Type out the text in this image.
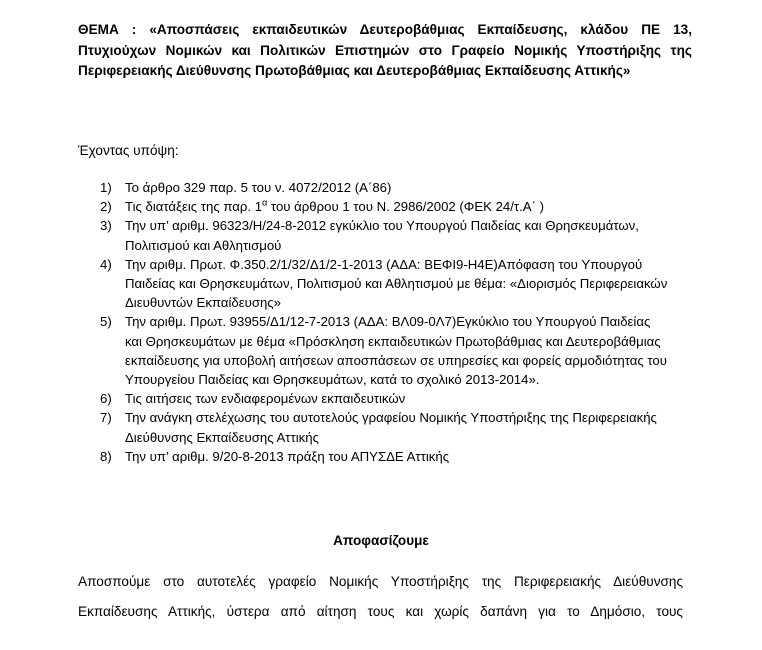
ΘΕΜΑ : «Αποσπάσεις εκπαιδευτικών Δευτεροβάθμιας Εκπαίδευσης, κλάδου ΠΕ 13, Πτυχιούχων Νομικών και Πολιτικών Επιστημών στο Γραφείο Νομικής Υποστήριξης της Περιφερειακής Διεύθυνσης Πρωτοβάθμιας και Δευτεροβάθμιας Εκπαίδευσης Αττικής»
Έχοντας υπόψη:
1) Το άρθρο 329 παρ. 5 του ν. 4072/2012 (Α΄86)
2) Τις διατάξεις της παρ. $1^\alpha$ του άρθρου 1 του Ν. 2986/2002 (ΦΕΚ 24/τ.Α΄ )
3) Την υπ’ αριθμ. 96323/Η/24-8-2012 εγκύκλιο του Υπουργού Παιδείας και Θρησκευμάτων, Πολιτισμού και Αθλητισμού
4) Την αριθμ. Πρωτ. Φ.350.2/1/32/Δ1/2-1-2013 (ΑΔΑ: ΒΕΦΙ9-Η4Ε)Απόφαση του Υπουργού Παιδείας και Θρησκευμάτων, Πολιτισμού και Αθλητισμού με θέμα: «Διορισμός Περιφερειακών Διευθυντών Εκπαίδευσης»
5) Την αριθμ. Πρωτ. 93955/Δ1/12-7-2013 (ΑΔΑ: ΒΛ09-0Λ7)Εγκύκλιο του Υπουργού Παιδείας και Θρησκευμάτων με θέμα «Πρόσκληση εκπαιδευτικών Πρωτοβάθμιας και Δευτεροβάθμιας εκπαίδευσης για υποβολή αιτήσεων αποσπάσεων σε υπηρεσίες και φορείς αρμοδιότητας του Υπουργείου Παιδείας και Θρησκευμάτων, κατά το σχολικό 2013-2014».
6) Τις αιτήσεις των ενδιαφερομένων εκπαιδευτικών
7) Την ανάγκη στελέχωσης του αυτοτελούς γραφείου Νομικής Υποστήριξης της Περιφερειακής Διεύθυνσης Εκπαίδευσης Αττικής
8) Την υπ’ αριθμ. 9/20-8-2013 πράξη του ΑΠΥΣΔΕ Αττικής
Αποφασίζουμε
Αποσπούμε στο αυτοτελές γραφείο Νομικής Υποστήριξης της Περιφερειακής Διεύθυνσης
Εκπαίδευσης Αττικής, ύστερα από αίτηση τους και χωρίς δαπάνη για το Δημόσιο, τους
